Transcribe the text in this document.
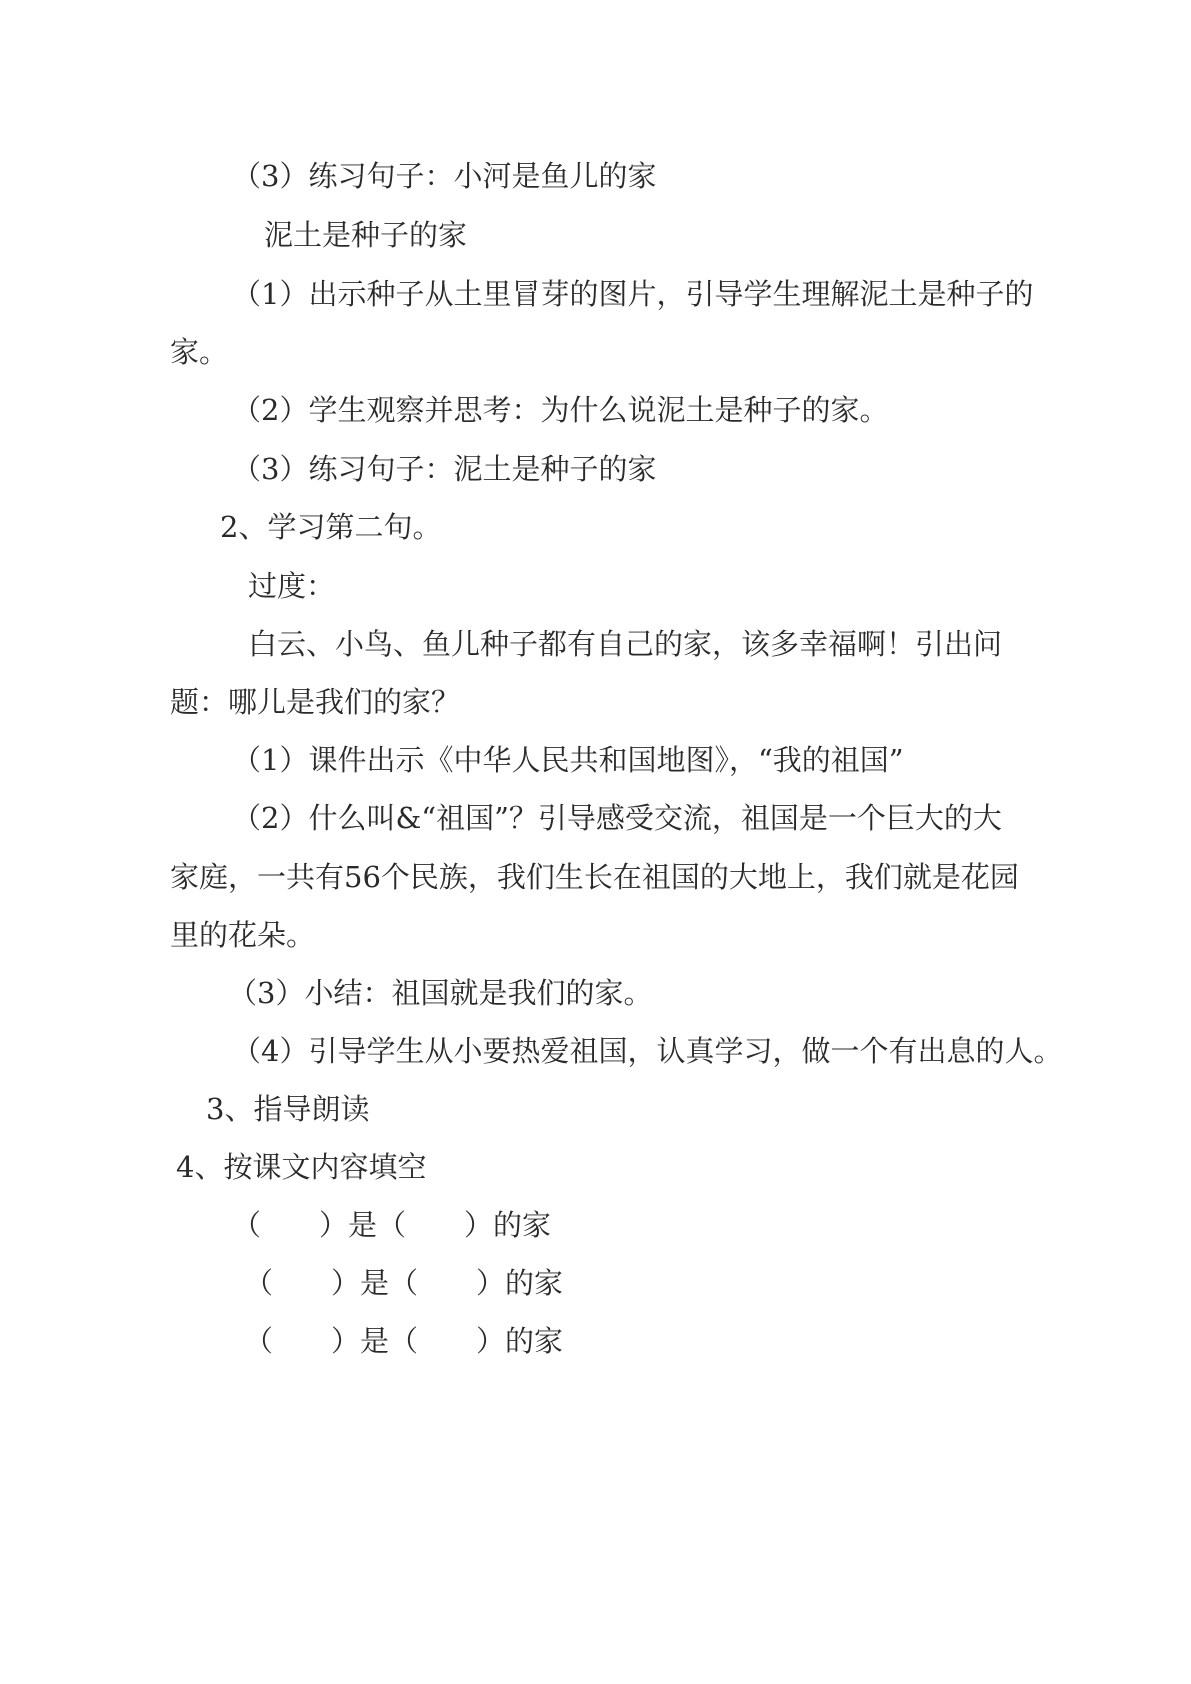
（3）练习句子：小河是鱼儿的家
泥土是种子的家
（1）出示种子从土里冒芽的图片，引导学生理解泥土是种子的
家。
（2）学生观察并思考：为什么说泥土是种子的家。
（3）练习句子：泥土是种子的家
2、学习第二句。
过度：
白云、小鸟、鱼儿种子都有自己的家，该多幸福啊！引出问
题：哪儿是我们的家？
（1）课件出示《中华人民共和国地图》，“我的祖国”
（2）什么叫&“祖国”？引导感受交流，祖国是一个巨大的大
家庭，一共有56个民族，我们生长在祖国的大地上，我们就是花园
里的花朵。
（3）小结：祖国就是我们的家。
（4）引导学生从小要热爱祖国，认真学习，做一个有出息的人。
3、指导朗读
4、按课文内容填空
（　　）是（　　）的家
（　　）是（　　）的家
（　　）是（　　）的家
